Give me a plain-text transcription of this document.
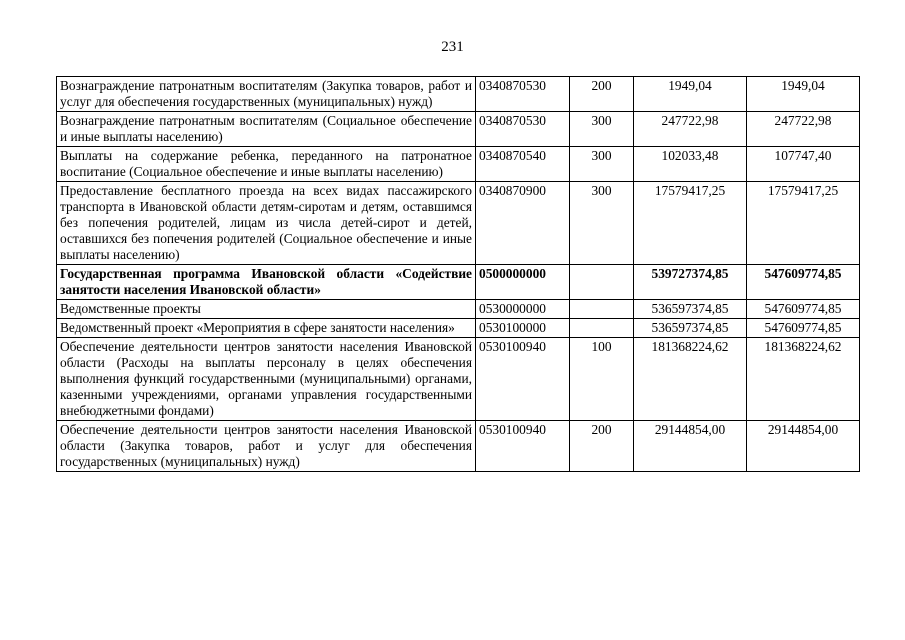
231
Вознаграждение патронатным воспитателям (Закупка товаров, работ и услуг для обеспечения государственных (муниципальных) нужд)	0340870530	200	1949,04	1949,04
Вознаграждение патронатным воспитателям (Социальное обеспечение и иные выплаты населению)	0340870530	300	247722,98	247722,98
Выплаты на содержание ребенка, переданного на патронатное воспитание (Социальное обеспечение и иные выплаты населению)	0340870540	300	102033,48	107747,40
Предоставление бесплатного проезда на всех видах пассажирского транспорта в Ивановской области детям-сиротам и детям, оставшимся без попечения родителей, лицам из числа детей-сирот и детей, оставшихся без попечения родителей (Социальное обеспечение и иные выплаты населению)	0340870900	300	17579417,25	17579417,25
Государственная программа Ивановской области «Содействие занятости населения Ивановской области»	0500000000		539727374,85	547609774,85
Ведомственные проекты	0530000000		536597374,85	547609774,85
Ведомственный проект «Мероприятия в сфере занятости населения»	0530100000		536597374,85	547609774,85
Обеспечение деятельности центров занятости населения Ивановской области (Расходы на выплаты персоналу в целях обеспечения выполнения функций государственными (муниципальными) органами, казенными учреждениями, органами управления государственными внебюджетными фондами)	0530100940	100	181368224,62	181368224,62
Обеспечение деятельности центров занятости населения Ивановской области (Закупка товаров, работ и услуг для обеспечения государственных (муниципальных) нужд)	0530100940	200	29144854,00	29144854,00
